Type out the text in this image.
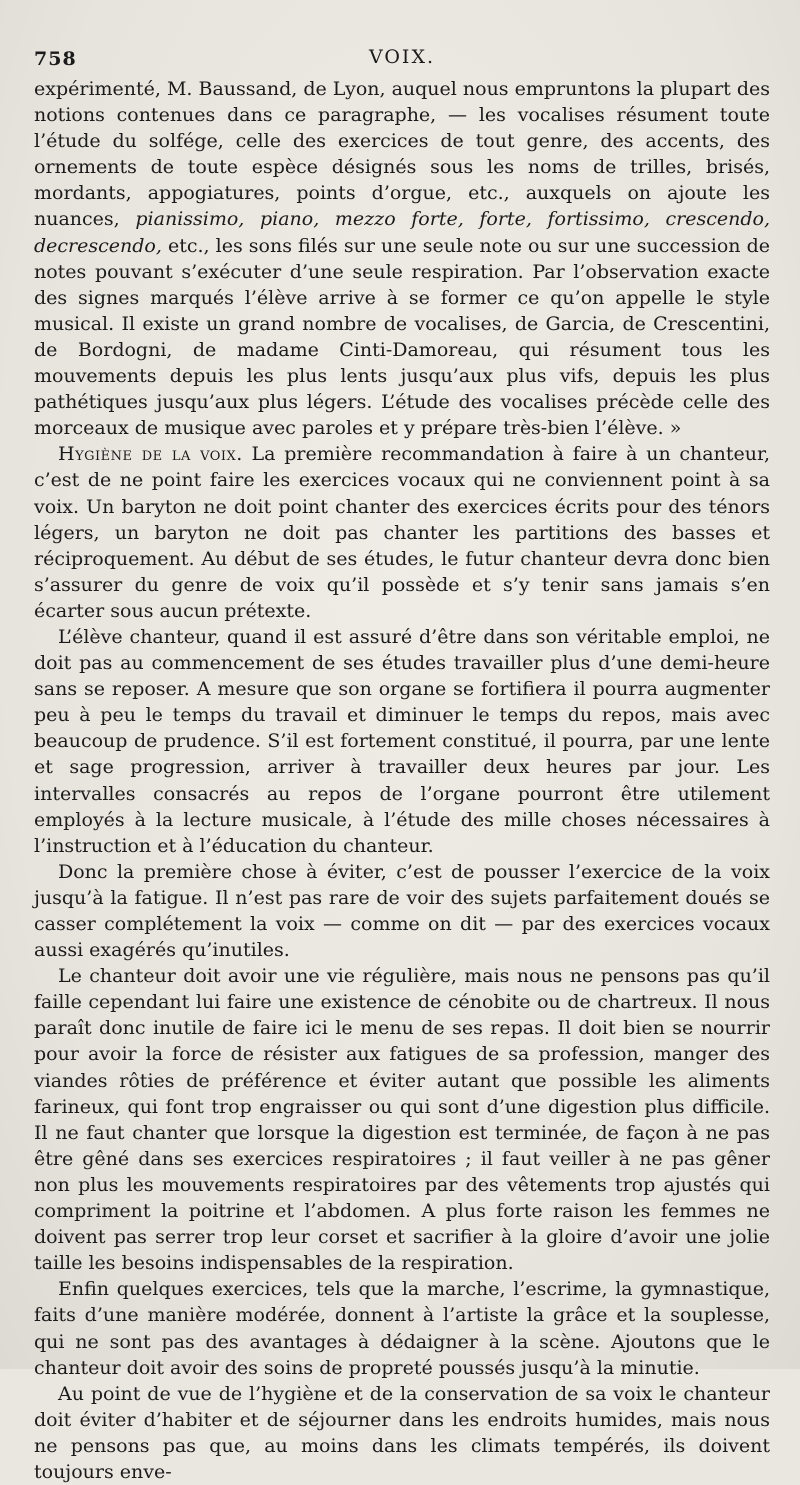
758	VOIX.

expérimenté, M. Baussand, de Lyon, auquel nous empruntons la plupart des notions contenues dans ce paragraphe, — les vocalises résument toute l’étude du solfége, celle des exercices de tout genre, des accents, des ornements de toute espèce désignés sous les noms de trilles, brisés, mordants, appogiatures, points d’orgue, etc., auxquels on ajoute les nuances, pianissimo, piano, mezzo forte, forte, fortissimo, crescendo, decrescendo, etc., les sons filés sur une seule note ou sur une succession de notes pouvant s’exécuter d’une seule respiration. Par l’observation exacte des signes marqués l’élève arrive à se former ce qu’on appelle le style musical. Il existe un grand nombre de vocalises, de Garcia, de Crescentini, de Bordogni, de madame Cinti-Damoreau, qui résument tous les mouvements depuis les plus lents jusqu’aux plus vifs, depuis les plus pathétiques jusqu’aux plus légers. L’étude des vocalises précède celle des morceaux de musique avec paroles et y prépare très-bien l’élève. »

Hygiène de la voix. La première recommandation à faire à un chanteur, c’est de ne point faire les exercices vocaux qui ne conviennent point à sa voix. Un baryton ne doit point chanter des exercices écrits pour des ténors légers, un baryton ne doit pas chanter les partitions des basses et réciproquement. Au début de ses études, le futur chanteur devra donc bien s’assurer du genre de voix qu’il possède et s’y tenir sans jamais s’en écarter sous aucun prétexte.

L’élève chanteur, quand il est assuré d’être dans son véritable emploi, ne doit pas au commencement de ses études travailler plus d’une demi-heure sans se reposer. A mesure que son organe se fortifiera il pourra augmenter peu à peu le temps du travail et diminuer le temps du repos, mais avec beaucoup de prudence. S’il est fortement constitué, il pourra, par une lente et sage progression, arriver à travailler deux heures par jour. Les intervalles consacrés au repos de l’organe pourront être utilement employés à la lecture musicale, à l’étude des mille choses nécessaires à l’instruction et à l’éducation du chanteur.

Donc la première chose à éviter, c’est de pousser l’exercice de la voix jusqu’à la fatigue. Il n’est pas rare de voir des sujets parfaitement doués se casser complétement la voix — comme on dit — par des exercices vocaux aussi exagérés qu’inutiles.

Le chanteur doit avoir une vie régulière, mais nous ne pensons pas qu’il faille cependant lui faire une existence de cénobite ou de chartreux. Il nous paraît donc inutile de faire ici le menu de ses repas. Il doit bien se nourrir pour avoir la force de résister aux fatigues de sa profession, manger des viandes rôties de préférence et éviter autant que possible les aliments farineux, qui font trop engraisser ou qui sont d’une digestion plus difficile. Il ne faut chanter que lorsque la digestion est terminée, de façon à ne pas être gêné dans ses exercices respiratoires ; il faut veiller à ne pas gêner non plus les mouvements respiratoires par des vêtements trop ajustés qui compriment la poitrine et l’abdomen. A plus forte raison les femmes ne doivent pas serrer trop leur corset et sacrifier à la gloire d’avoir une jolie taille les besoins indispensables de la respiration.

Enfin quelques exercices, tels que la marche, l’escrime, la gymnastique, faits d’une manière modérée, donnent à l’artiste la grâce et la souplesse, qui ne sont pas des avantages à dédaigner à la scène. Ajoutons que le chanteur doit avoir des soins de propreté poussés jusqu’à la minutie.

Au point de vue de l’hygiène et de la conservation de sa voix le chanteur doit éviter d’habiter et de séjourner dans les endroits humides, mais nous ne pensons pas que, au moins dans les climats tempérés, ils doivent toujours enve-
